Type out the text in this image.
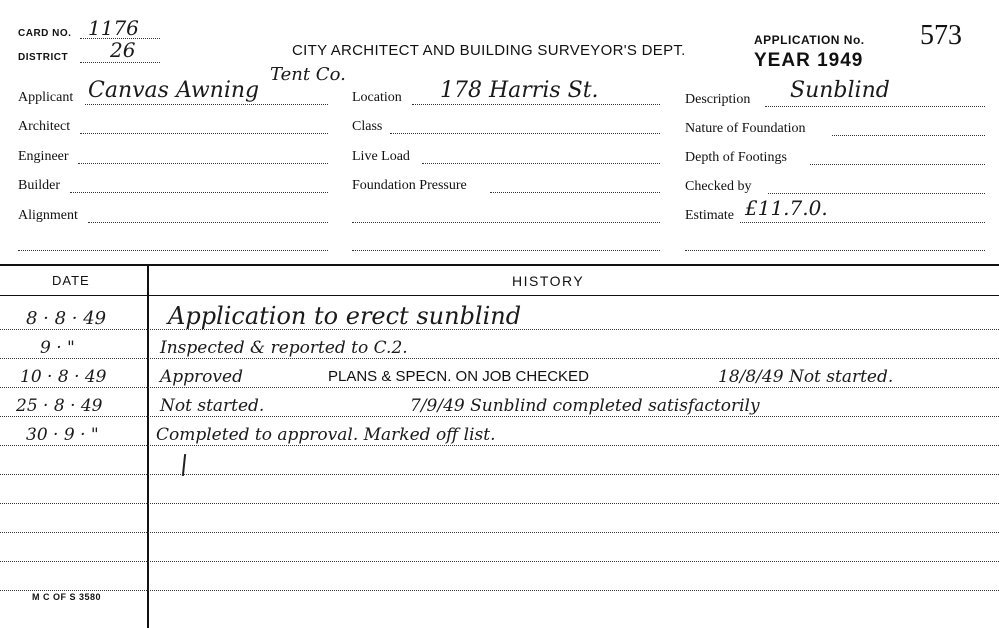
CARD NO. 1176
DISTRICT 26	CITY ARCHITECT AND BUILDING SURVEYOR'S DEPT.
APPLICATION No. 573
YEAR 1949
Applicant Canvas Awning
Tent Co.
Location 178 Harris St.	Description Sunblind
Architect	Class	Nature of Foundation
Engineer	Live Load	Depth of Footings
Builder	Foundation Pressure	Checked by
Alignment	Estimate £11.7.0.
DATE	HISTORY
8 · 8 · 49	Application to erect sunblind
9 · "	Inspected & reported to C.2.
10 · 8 · 49	Approved	PLANS & SPECN. ON JOB CHECKED	18/8/49 Not started.
25 · 8 · 49	Not started.	7/9/49 Sunblind completed satisfactorily
30 · 9 · "	Completed to approval. Marked off list.
M C OF S 3580
